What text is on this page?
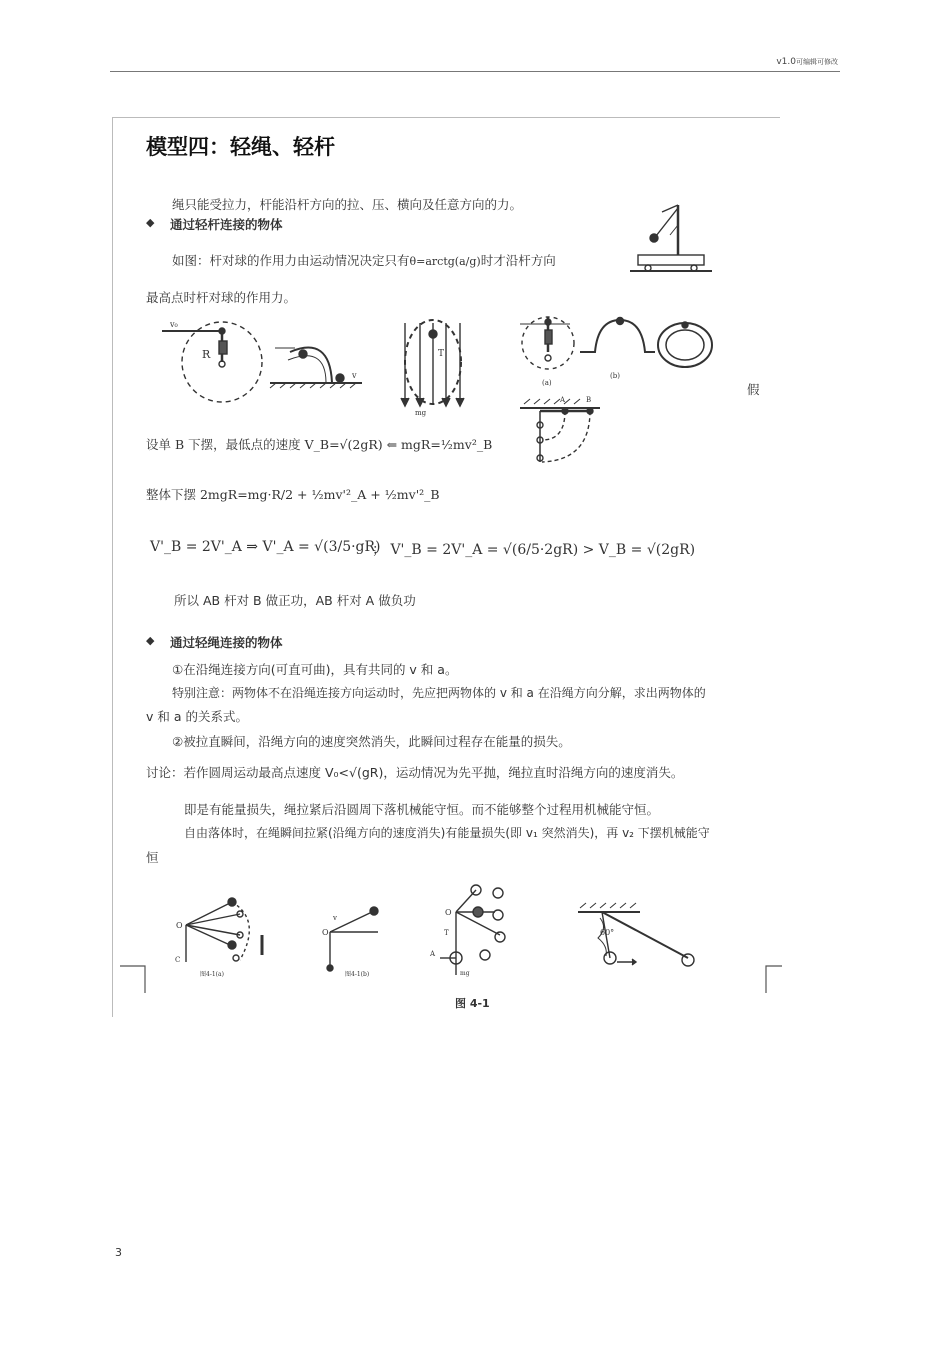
v1.0可编辑可修改
模型四：轻绳、轻杆
绳只能受拉力，杆能沿杆方向的拉、压、横向及任意方向的力。
◆ 通过轻杆连接的物体
如图：杆对球的作用力由运动情况决定只有θ=arctg(a/g)时才沿杆方向
最高点时杆对球的作用力。
假
设单 B 下摆，最低点的速度 V_B=√(2gR) ⇐ mgR=½mv²_B
整体下摆 2mgR=mg·R/2 + ½mv'²_A + ½mv'²_B
V'_B = 2V'_A ⇒ V'_A = √(3/5·gR)
； V'_B = 2V'_A = √(6/5·2gR) > V_B = √(2gR)
所以 AB 杆对 B 做正功，AB 杆对 A 做负功
◆ 通过轻绳连接的物体
①在沿绳连接方向(可直可曲)，具有共同的 v 和 a。
特别注意：两物体不在沿绳连接方向运动时，先应把两物体的 v 和 a 在沿绳方向分解，求出两物体的
v 和 a 的关系式。
②被拉直瞬间，沿绳方向的速度突然消失，此瞬间过程存在能量的损失。
讨论：若作圆周运动最高点速度 V₀<√(gR)，运动情况为先平抛，绳拉直时沿绳方向的速度消失。
即是有能量损失，绳拉紧后沿圆周下落机械能守恒。而不能够整个过程用机械能守恒。
自由落体时，在绳瞬间拉紧(沿绳方向的速度消失)有能量损失(即 v₁ 突然消失)，再 v₂ 下摆机械能守
恒
图 4-1
3
R
v₀
v
T
mg
(a)
(b)
A	B
O
C
图4-1(a)
O
v
图4-1(b)
O
T
A
mg
60°
